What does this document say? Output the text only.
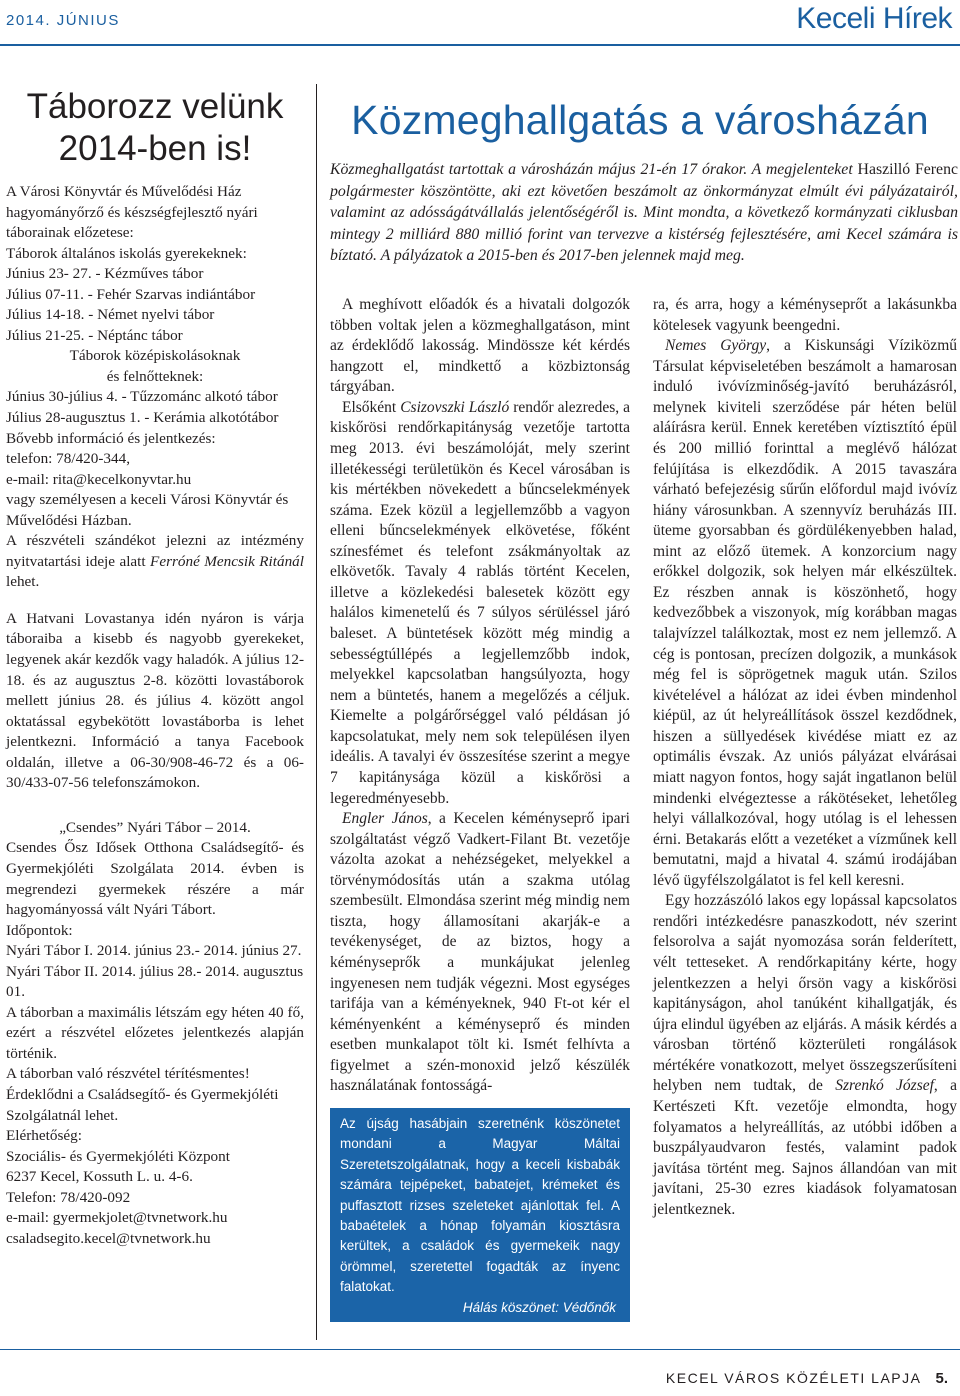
2014. JÚNIUS	Keceli Hírek
Táborozz velünk
2014-ben is!

A Városi Könyvtár és Művelődési Ház hagyományőrző és készségfejlesztő nyári táborainak előzetese:

Táborok általános iskolás gyerekeknek:

Június 23- 27. - Kézműves tábor

Július 07-11. - Fehér Szarvas indiántábor

Július 14-18. - Német nyelvi tábor

Július 21-25. - Néptánc tábor

Táborok középiskolásoknak

és felnőtteknek:

Június 30-július 4. - Tűzzománc alkotó tábor

Július 28-augusztus 1. - Kerámia alkotótábor

Bővebb információ és jelentkezés:

telefon: 78/420-344,

e-mail: rita@kecelkonyvtar.hu

vagy személyesen a keceli Városi Könyvtár és Művelődési Házban.

A részvételi szándékot jelezni az intézmény nyitvatartási ideje alatt Ferróné Mencsik Ritánál lehet.

A Hatvani Lovastanya idén nyáron is várja táboraiba a kisebb és nagyobb gyerekeket, legyenek akár kezdők vagy haladók. A július 12-18. és az augusztus 2-8. közötti lovastáborok mellett június 28. és július 4. között angol oktatással egybekötött lovastáborba is lehet jelentkezni. Információ a tanya Facebook oldalán, illetve a 06-30/908-46-72 és a 06-30/433-07-56 telefonszámokon.

„Csendes” Nyári Tábor – 2014.

Csendes Ősz Idősek Otthona Családsegítő- és Gyermekjóléti Szolgálata 2014. évben is megrendezi gyermekek részére a már hagyományossá vált Nyári Tábort.

Időpontok:

Nyári Tábor I. 2014. június 23.- 2014. június 27.

Nyári Tábor II. 2014. július 28.- 2014. augusztus 01.

A táborban a maximális létszám egy héten 40 fő, ezért a részvétel előzetes jelentkezés alapján történik.

A táborban való részvétel térítésmentes!

Érdeklődni a Családsegítő- és Gyermekjóléti Szolgálatnál lehet.

Elérhetőség:

Szociális- és Gyermekjóléti Központ

6237 Kecel, Kossuth L. u. 4-6.

Telefon: 78/420-092

e-mail: gyermekjolet@tvnetwork.hu

csaladsegito.kecel@tvnetwork.hu

Közmeghallgatás a városházán

Közmeghallgatást tartottak a városházán május 21-én 17 órakor. A megjelenteket Haszilló Ferenc polgármester köszöntötte, aki ezt követően beszámolt az önkormányzat elmúlt évi pályázatairól, valamint az adósságátvállalás jelentőségéről is. Mint mondta, a következő kormányzati ciklusban mintegy 2 milliárd 880 millió forint van tervezve a kistérség fejlesztésére, ami Kecel számára is bíztató. A pályázatok a 2015-ben és 2017-ben jelennek majd meg.

A meghívott előadók és a hivatali dolgozók többen voltak jelen a közmeghallgatáson, mint az érdeklődő lakosság. Mindössze két kérdés hangzott el, mindkettő a közbiztonság tárgyában.

Elsőként Csizovszki László rendőr alezredes, a kiskőrösi rendőrkapitányság vezetője tartotta meg 2013. évi beszámolóját, mely szerint illetékességi területükön és Kecel városában is kis mértékben növekedett a bűncselekmények száma. Ezek közül a legjellemzőbb a vagyon elleni bűncselekmények elkövetése, főként színesfémet és telefont zsákmányoltak az elkövetők. Tavaly 4 rablás történt Kecelen, illetve a közlekedési balesetek között egy halálos kimenetelű és 7 súlyos sérüléssel járó baleset. A büntetések között még mindig a sebességtúllépés a legjellemzőbb indok, melyekkel kapcsolatban hangsúlyozta, hogy nem a büntetés, hanem a megelőzés a céljuk. Kiemelte a polgárőrséggel való példásan jó kapcsolatukat, mely nem sok településen ilyen ideális. A tavalyi év összesítése szerint a megye 7 kapitánysága közül a kiskőrösi a legeredményesebb.

Engler János, a Kecelen kéményseprő ipari szolgáltatást végző Vadkert-Filant Bt. vezetője vázolta azokat a nehézségeket, melyekkel a törvénymódosítás után a szakma utólag szembesült. Elmondása szerint még mindig nem tiszta, hogy államosítani akarják-e a tevékenységet, de az biztos, hogy a kéményseprők a munkájukat jelenleg ingyenesen nem tudják végezni. Most egységes tarifája van a kéményeknek, 940 Ft-ot kér el kéményenként a kéményseprő és minden esetben munkalapot tölt ki. Ismét felhívta a figyelmet a szén-monoxid jelző készülék használatának fontosságá-

ra, és arra, hogy a kéményseprőt a lakásunkba kötelesek vagyunk beengedni.

Nemes György, a Kiskunsági Víziközmű Társulat képviseletében beszámolt a hamarosan induló ivóvízminőség-javító beruházásról, melynek kiviteli szerződése pár héten belül aláírásra kerül. Ennek keretében víztisztító épül és 200 millió forinttal a meglévő hálózat felújítása is elkezdődik. A 2015 tavaszára várható befejezésig sűrűn előfordul majd ivóvíz hiány városunkban. A szennyvíz beruházás III. üteme gyorsabban és gördülékenyebben halad, mint az előző ütemek. A konzorcium nagy erőkkel dolgozik, sok helyen már elkészültek. Ez részben annak is köszönhető, hogy kedvezőbbek a viszonyok, míg korábban magas talajvízzel találkoztak, most ez nem jellemző. A cég is pontosan, precízen dolgozik, a munkások még fel is söprögetnek maguk után. Szilos kivételével a hálózat az idei évben mindenhol kiépül, az út helyreállítások összel kezdődnek, hiszen a süllyedések kivédése miatt ez az optimális évszak. Az uniós pályázat elvárásai miatt nagyon fontos, hogy saját ingatlanon belül mindenki elvégeztesse a rákötéseket, lehetőleg helyi vállalkozóval, hogy utólag is el lehessen érni. Betakarás előtt a vezetéket a vízműnek kell bemutatni, majd a hivatal 4. számú irodájában lévő ügyfélszolgálatot is fel kell keresni.

Egy hozzászóló lakos egy lopással kapcsolatos rendőri intézkedésre panaszkodott, név szerint felsorolva a saját nyomozása során felderített, vélt tetteseket. A rendőrkapitány kérte, hogy jelentkezzen a helyi őrsön vagy a kiskőrösi kapitányságon, ahol tanúként kihallgatják, és újra elindul ügyében az eljárás. A másik kérdés a városban történő közterületi rongálások mértékére vonatkozott, melyet összegszerűsíteni helyben nem tudtak, de Szrenkó József, a Kertészeti Kft. vezetője elmondta, hogy folyamatos a helyreállítás, az utóbbi időben a buszpályaudvaron festés, valamint padok javítása történt meg. Sajnos állandóan van mit javítani, 25-30 ezres kiadások folyamatosan jelentkeznek.

Az újság hasábjain szeretnénk köszönetet mondani a Magyar Máltai Szeretetszolgálatnak, hogy a keceli kisbabák számára tejpépeket, babatejet, krémeket és puffasztott rizses szeleteket ajánlottak fel. A babaételek a hónap folyamán kiosztásra kerültek, a családok és gyermekeik nagy örömmel, szeretettel fogadták az ínyenc falatokat.

Hálás köszönet: Védőnők

KECEL VÁROS KÖZÉLETI LAPJA 5.
